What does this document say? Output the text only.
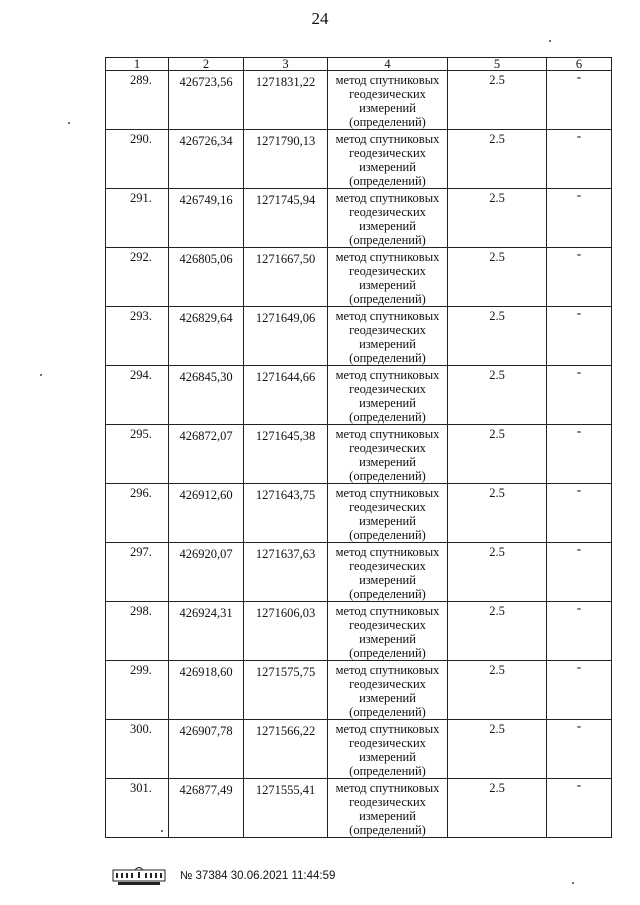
24
1	2	3	4	5	6
289.	426723,56	1271831,22	метод спутниковых
геодезических
измерений
(определений)	2.5	-
290.	426726,34	1271790,13	метод спутниковых
геодезических
измерений
(определений)	2.5	-
291.	426749,16	1271745,94	метод спутниковых
геодезических
измерений
(определений)	2.5	-
292.	426805,06	1271667,50	метод спутниковых
геодезических
измерений
(определений)	2.5	-
293.	426829,64	1271649,06	метод спутниковых
геодезических
измерений
(определений)	2.5	-
294.	426845,30	1271644,66	метод спутниковых
геодезических
измерений
(определений)	2.5	-
295.	426872,07	1271645,38	метод спутниковых
геодезических
измерений
(определений)	2.5	-
296.	426912,60	1271643,75	метод спутниковых
геодезических
измерений
(определений)	2.5	-
297.	426920,07	1271637,63	метод спутниковых
геодезических
измерений
(определений)	2.5	-
298.	426924,31	1271606,03	метод спутниковых
геодезических
измерений
(определений)	2.5	-
299.	426918,60	1271575,75	метод спутниковых
геодезических
измерений
(определений)	2.5	-
300.	426907,78	1271566,22	метод спутниковых
геодезических
измерений
(определений)	2.5	-
301.	426877,49	1271555,41	метод спутниковых
геодезических
измерений
(определений)	2.5	-
№ 37384 30.06.2021 11:44:59
